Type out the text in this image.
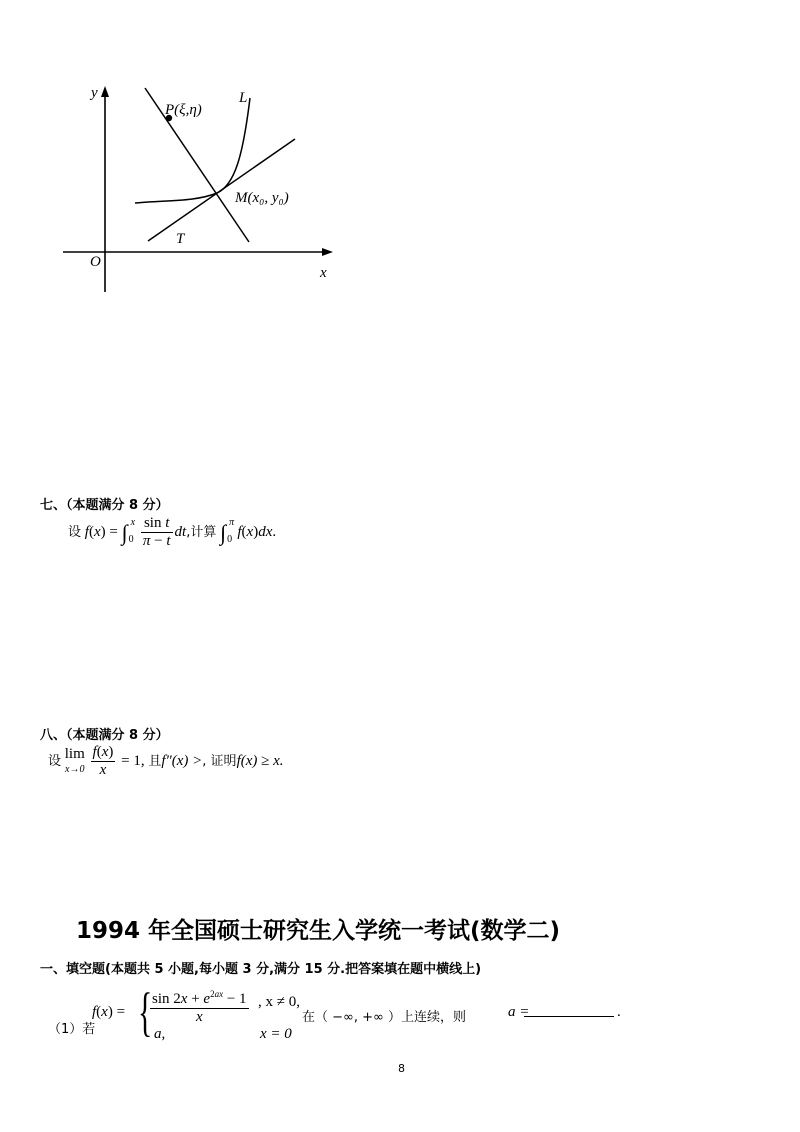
y
P(ξ,η)
L
M(x₀, y₀)
T
O
x
七、（本题满分 8 分）
设 f(x) = ∫ x
0
$\frac{\text{sin t}}{\pi - t}$ dt,计算 ∫ π
0 f(x)dx.
八、（本题满分 8 分）
设 lim
$x\to 0 \frac{f(x)}{x} = 1$, 且f″(x) >, 证明f(x) ≥ x.
1994 年全国硕士研究生入学统一考试(数学二)
一、填空题(本题共 5 小题,每小题 3 分,满分 15 分.把答案填在题中横线上)
（1）若
f(x) = {
$\frac{\sin 2x + e^{2ax} - 1}{x}$ , x ≠ 0,
a,	x = 0
在（ −∞, +∞ ）上连续，则	a =	.
8
